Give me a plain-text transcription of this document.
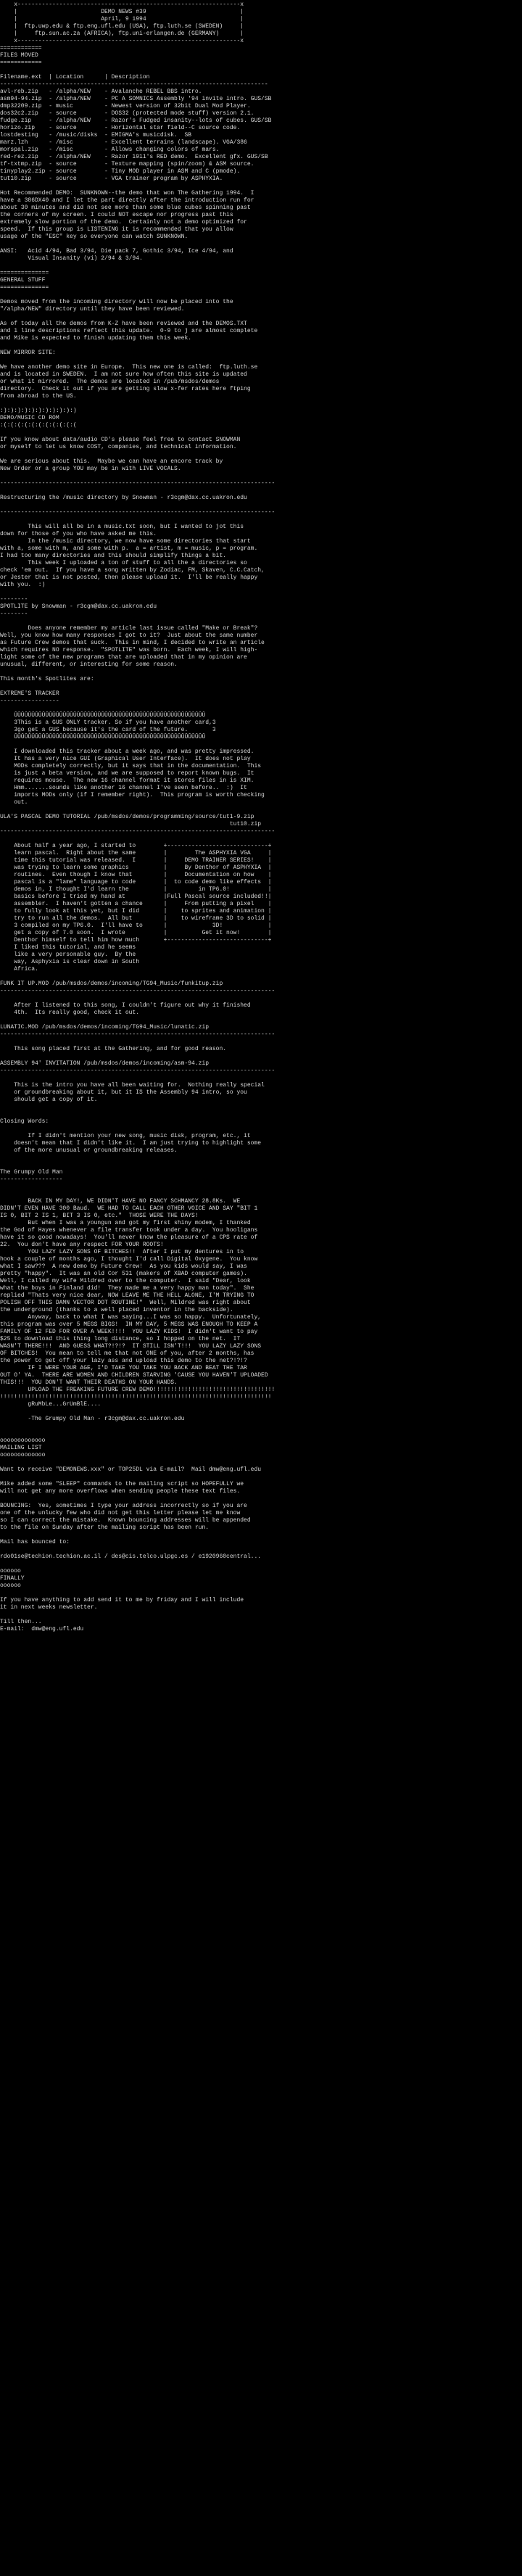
x----------------------------------------------------------------x
|                        DEMO NEWS #39                           |
|                        April, 9 1994                           |
|  ftp.uwp.edu & ftp.eng.ufl.edu (USA), ftp.luth.se (SWEDEN)     |
|     ftp.sun.ac.za (AFRICA), ftp.uni-erlangen.de (GERMANY)      |
x----------------------------------------------------------------x
============
FILES MOVED
============
Filename.ext  | Location      | Description
-----------------------------------------------------------------------------
avl-reb.zip   - /alpha/NEW    - Avalanche REBEL BBS intro.
asm94-94.zip  - /alpha/NEW    - PC A SOMNICS Assembly '94 invite intro. GUS/SB
dmp32209.zip  - music         - Newest version of 32bit Dual Mod Player.
dos32c2.zip   - source        - DOS32 (protected mode stuff) version 2.1.
fudge.zip     - /alpha/NEW    - Razor's Fudged insanity--lots of cubes. GUS/SB
horizo.zip    - source        - Horizontal star field--C source code.
lostdesting   - /music/disks  - EMIGMA's musicdisk.  SB
marz.lzh      - /misc         - Excellent terrains (landscape). VGA/386
morspal.zip   - /misc         - Allows changing colors of mars.
red-rez.zip   - /alpha/NEW    - Razor 1911's RED demo.  Excellent gfx. GUS/SB
tf-txtmp.zip  - source        - Texture mapping (spin/zoom) & ASM source.
tinyplay2.zip - source        - Tiny MOD player in ASM and C (pmode).
tut10.zip     - source        - VGA trainer program by ASPHYXIA.
Hot Recommended DEMO:  SUNKNOWN--the demo that won The Gathering 1994.  I
have a 386DX40 and I let the part directly after the introduction run for
about 30 minutes and did not see more than some blue cubes spinning past
the corners of my screen. I could NOT escape nor progress past this
extremely slow portion of the demo.  Certainly not a demo optimized for
speed.  If this group is LISTENING it is recommended that you allow
usage of the "ESC" key so everyone can watch SUNKNOWN.
ANSI:   Acid 4/94, Bad 3/94, Die pack 7, Gothic 3/94, Ice 4/94, and
Visual Insanity (vi) 2/94 & 3/94.
==============
GENERAL STUFF
==============
Demos moved from the incoming directory will now be placed into the
"/alpha/NEW" directory until they have been reviewed.
As of today all the demos from K-Z have been reviewed and the DEMOS.TXT
and 1 line descriptions reflect this update.  0-9 to j are almost complete
and Mike is expected to finish updating them this week.
NEW MIRROR SITE:
We have another demo site in Europe.  This new one is called:  ftp.luth.se
and is located in SWEDEN.  I am not sure how often this site is updated
or what it mirrored.  The demos are located in /pub/msdos/demos
directory.  Check it out if you are getting slow x-fer rates here ftping
from abroad to the US.
:):):):):):):):):):):)
DEMO/MUSIC CD ROM
:(:(:(:(:(:(:(:(:(:(:(
If you know about data/audio CD's please feel free to contact SNOWMAN
or myself to let us know COST, companies, and technical information.
We are serious about this.  Maybe we can have an encore track by
New Order or a group YOU may be in with LIVE VOCALS.
-------------------------------------------------------------------------------
Restructuring the /music directory by Snowman - r3cgm@dax.cc.uakron.edu
-------------------------------------------------------------------------------
This will all be in a music.txt soon, but I wanted to jot this
down for those of you who have asked me this.
In the /music directory, we now have some directories that start
with a, some with m, and some with p.  a = artist, m = music, p = program.
I had too many directories and this should simplify things a bit.
This week I uploaded a ton of stuff to all the a directories so
check 'em out.  If you have a song written by Zodiac, FM, Skaven, C.C.Catch,
or Jester that is not posted, then please upload it.  I'll be really happy
with you.  :)
--------
SPOTLITE by Snowman - r3cgm@dax.cc.uakron.edu
--------
Does anyone remember my article last issue called "Make or Break"?
Well, you know how many responses I got to it?  Just about the same number
as Future Crew demos that suck.  This in mind, I decided to write an article
which requires NO response.  "SPOTLITE" was born.  Each week, I will high-
light some of the new programs that are uploaded that in my opinion are
unusual, different, or interesting for some reason.
This month's Spotlites are:
EXTREME'S TRACKER
-----------------
ÛÛÛÛÛÛÛÛÛÛÛÛÛÛÛÛÛÛÛÛÛÛÛÛÛÛÛÛÛÛÛÛÛÛÛÛÛÛÛÛÛÛÛÛÛÛÛÛÛÛÛÛÛÛÛ
3This is a GUS ONLY tracker. So if you have another card,3
3go get a GUS because it's the card of the future.       3
ÛÛÛÛÛÛÛÛÛÛÛÛÛÛÛÛÛÛÛÛÛÛÛÛÛÛÛÛÛÛÛÛÛÛÛÛÛÛÛÛÛÛÛÛÛÛÛÛÛÛÛÛÛÛÛ
I downloaded this tracker about a week ago, and was pretty impressed.
It has a very nice GUI (Graphical User Interface).  It does not play
MODs completely correctly, but it says that in the documentation.  This
is just a beta version, and we are supposed to report known bugs.  It
requires mouse.  The new 16 channel format it stores files in is XIM.
Hmm.......sounds like another 16 channel I've seen before..  :)  It
imports MODs only (if I remember right).  This program is worth checking
out.
ULA'S PASCAL DEMO TUTORIAL /pub/msdos/demos/programming/source/tut1-9.zip
tut10.zip
-------------------------------------------------------------------------------
About half a year ago, I started to        +-----------------------------+
learn pascal.  Right about the same        |        The ASPHYXIA VGA     |
time this tutorial was released.  I        |     DEMO TRAINER SERIES!    |
was trying to learn some graphics          |     By Denthor of ASPHYXIA  |
routines.  Even though I know that         |     Documentation on how    |
pascal is a "lame" language to code        |  to code demo like effects  |
demos in, I thought I'd learn the          |         in TP6.0!           |
basics before I tried my hand at           |Full Pascal source included!!|
assembler.  I haven't gotten a chance      |     From putting a pixel    |
to fully look at this yet, but I did       |    to sprites and animation |
try to run all the demos.  All but         |    to wireframe 3D to solid |
3 compiled on my TP6.0.  I'll have to      |             3D!             |
get a copy of 7.0 soon.  I wrote           |          Get it now!        |
Denthor himself to tell him how much       +-----------------------------+
I liked this tutorial, and he seems
like a very personable guy.  By the
way, Asphyxia is clear down in South
Africa.
FUNK IT UP.MOD /pub/msdos/demos/incoming/TG94_Music/funkitup.zip
-------------------------------------------------------------------------------
After I listened to this song, I couldn't figure out why it finished
4th.  Its really good, check it out.
LUNATIC.MOD /pub/msdos/demos/incoming/TG94_Music/lunatic.zip
-------------------------------------------------------------------------------
This song placed first at the Gathering, and for good reason.
ASSEMBLY 94' INVITATION /pub/msdos/demos/incoming/asm-94.zip
-------------------------------------------------------------------------------
This is the intro you have all been waiting for.  Nothing really special
or groundbreaking about it, but it IS the Assembly 94 intro, so you
should get a copy of it.
Closing Words:
If I didn't mention your new song, music disk, program, etc., it
doesn't mean that I didn't like it.  I am just trying to highlight some
of the more unusual or groundbreaking releases.
The Grumpy Old Man
------------------
BACK IN MY DAY!, WE DIDN'T HAVE NO FANCY SCHMANCY 28.8Ks.  WE
DIDN'T EVEN HAVE 300 Baud.  WE HAD TO CALL EACH OTHER VOICE AND SAY "BIT 1
IS 0, BIT 2 IS 1, BIT 3 IS 0, etc."  THOSE WERE THE DAYS!
But when I was a youngun and got my first shiny modem, I thanked
the God of Hayes whenever a file transfer took under a day.  You hooligans
have it so good nowadays!  You'll never know the pleasure of a CPS rate of
22.  You don't have any respect FOR YOUR ROOTS!
YOU LAZY LAZY SONS OF BITCHES!!  After I put my dentures in to
hook a couple of months ago, I thought I'd call Digital Oxygene.  You know
what I saw???  A new demo by Future Crew!  As you kids would say, I was
pretty "happy".  It was an old Cor 531 (makers of XBAD computer games).
Well, I called my wife Mildred over to the computer.  I said "Dear, look
what the boys in Finland did!  They made me a very happy man today".  She
replied "Thats very nice dear, NOW LEAVE ME THE HELL ALONE, I'M TRYING TO
POLISH OFF THIS DAMN VECTOR DOT ROUTINE!"  Well, Mildred was right about
the underground (thanks to a well placed inventor in the backside).
Anyway, back to what I was saying...I was so happy.  Unfortunately,
this program was over 5 MEGS BIGS!  IN MY DAY, 5 MEGS WAS ENOUGH TO KEEP A
FAMILY OF 12 FED FOR OVER A WEEK!!!!  YOU LAZY KIDS!  I didn't want to pay
$25 to download this thing long distance, so I hopped on the net.  IT
WASN'T THERE!!!  AND GUESS WHAT?!?!?  IT STILL ISN'T!!!  YOU LAZY LAZY SONS
OF BITCHES!  You mean to tell me that not ONE of you, after 2 months, has
the power to get off your lazy ass and upload this demo to the net?!?!?
IF I WERE YOUR AGE, I'D TAKE YOU TAKE YOU BACK AND BEAT THE TAR
OUT O' YA.  THERE ARE WOMEN AND CHILDREN STARVING 'CAUSE YOU HAVEN'T UPLOADED
THIS!!!  YOU DON'T WANT THEIR DEATHS ON YOUR HANDS.
UPLOAD THE FREAKING FUTURE CREW DEMO!!!!!!!!!!!!!!!!!!!!!!!!!!!!!!!!!!!
!!!!!!!!!!!!!!!!!!!!!!!!!!!!!!!!!!!!!!!!!!!!!!!!!!!!!!!!!!!!!!!!!!!!!!!!!!!!!!
gRuMbLe...GrUmBlE....
-The Grumpy Old Man - r3cgm@dax.cc.uakron.edu
ooooooooooooo
MAILING LIST
ooooooooooooo
Want to receive "DEMONEWS.xxx" or TOP25DL via E-mail?  Mail dmw@eng.ufl.edu
Mike added some "SLEEP" commands to the mailing script so HOPEFULLY we
will not get any more overflows when sending people these text files.
BOUNCING:  Yes, sometimes I type your address incorrectly so if you are
one of the unlucky few who did not get this letter please let me know
so I can correct the mistake.  Known bouncing addresses will be appended
to the file on Sunday after the mailing script has been run.
Mail has bounced to:
rdo01se@techion.techion.ac.il / des@cis.telco.ulpgc.es / e1920960central...
oooooo
FINALLY
oooooo
If you have anything to add send it to me by friday and I will include
it in next weeks newsletter.
Till then...
E-mail:  dmw@eng.ufl.edu
